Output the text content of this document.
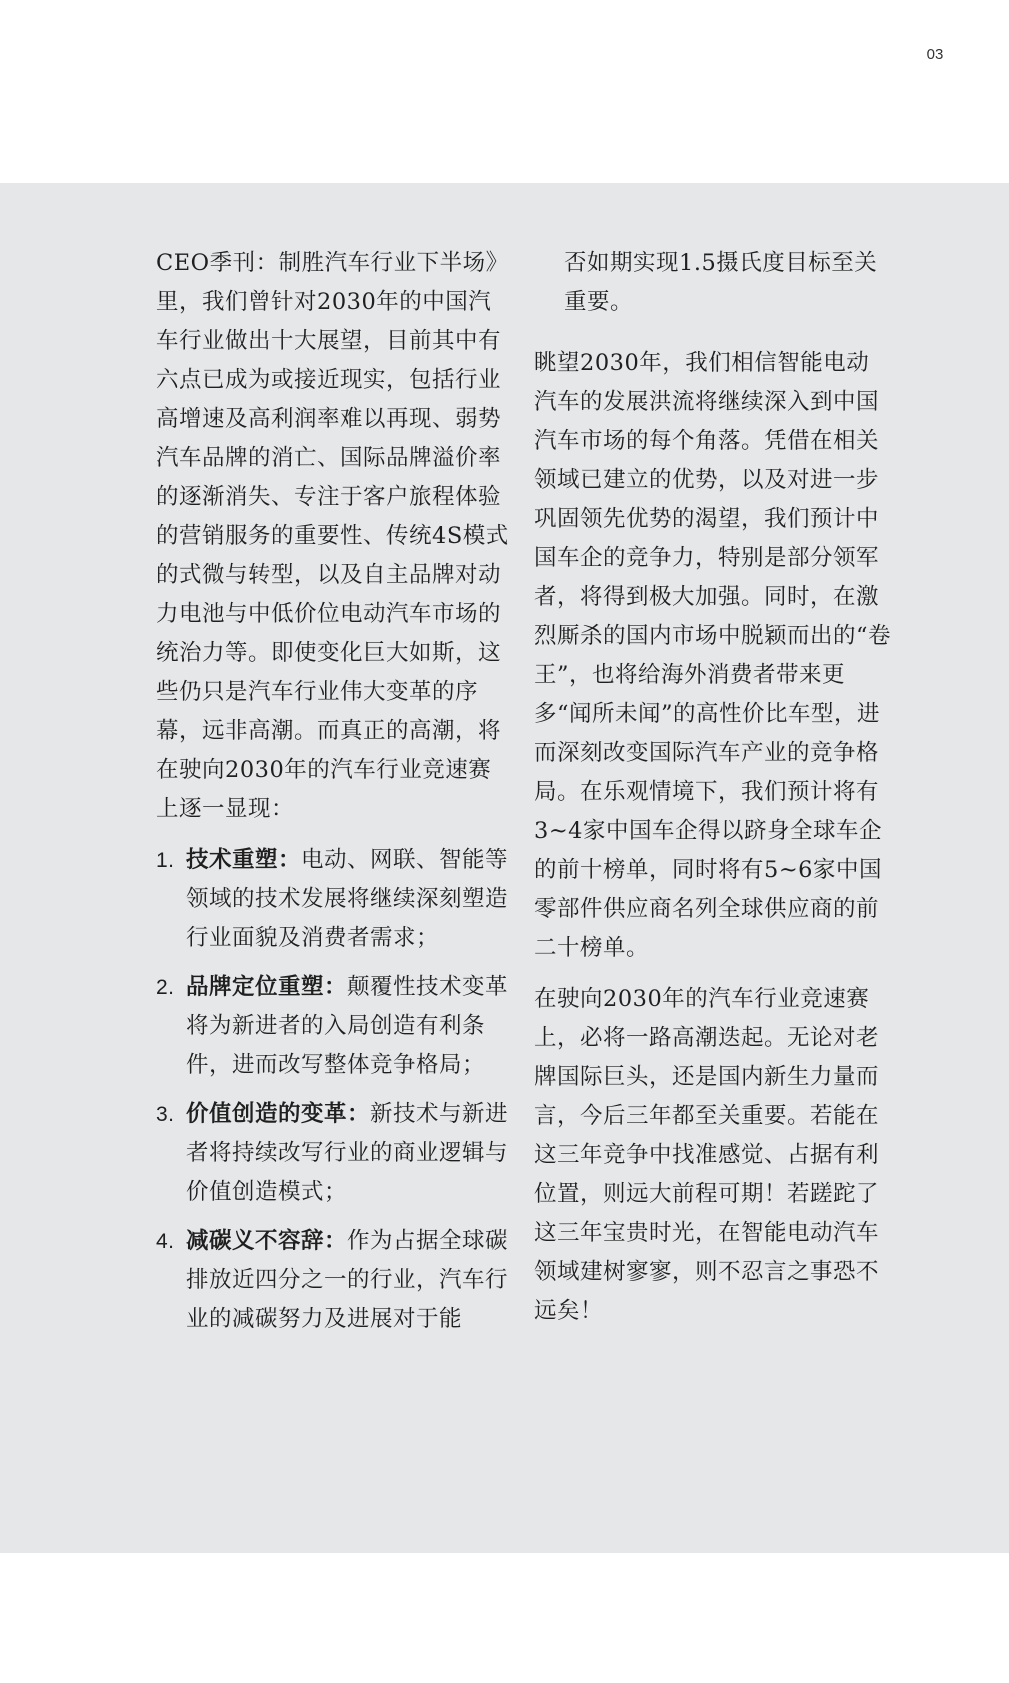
03

CEO季刊：制胜汽车行业下半场》里，我们曾针对2030年的中国汽车行业做出十大展望，目前其中有六点已成为或接近现实，包括行业高增速及高利润率难以再现、弱势汽车品牌的消亡、国际品牌溢价率的逐渐消失、专注于客户旅程体验的营销服务的重要性、传统4S模式的式微与转型，以及自主品牌对动力电池与中低价位电动汽车市场的统治力等。即使变化巨大如斯，这些仍只是汽车行业伟大变革的序幕，远非高潮。而真正的高潮，将在驶向2030年的汽车行业竞速赛上逐一显现：

1. 技术重塑：电动、网联、智能等领域的技术发展将继续深刻塑造行业面貌及消费者需求；
2. 品牌定位重塑：颠覆性技术变革将为新进者的入局创造有利条件，进而改写整体竞争格局；
3. 价值创造的变革：新技术与新进者将持续改写行业的商业逻辑与价值创造模式；
4. 减碳义不容辞：作为占据全球碳排放近四分之一的行业，汽车行业的减碳努力及进展对于能

否如期实现1.5摄氏度目标至关重要。

眺望2030年，我们相信智能电动汽车的发展洪流将继续深入到中国汽车市场的每个角落。凭借在相关领域已建立的优势，以及对进一步巩固领先优势的渴望，我们预计中国车企的竞争力，特别是部分领军者，将得到极大加强。同时，在激烈厮杀的国内市场中脱颖而出的“卷王”，也将给海外消费者带来更多“闻所未闻”的高性价比车型，进而深刻改变国际汽车产业的竞争格局。在乐观情境下，我们预计将有3~4家中国车企得以跻身全球车企的前十榜单，同时将有5~6家中国零部件供应商名列全球供应商的前二十榜单。

在驶向2030年的汽车行业竞速赛上，必将一路高潮迭起。无论对老牌国际巨头，还是国内新生力量而言，今后三年都至关重要。若能在这三年竞争中找准感觉、占据有利位置，则远大前程可期！若蹉跎了这三年宝贵时光，在智能电动汽车领域建树寥寥，则不忍言之事恐不远矣！
